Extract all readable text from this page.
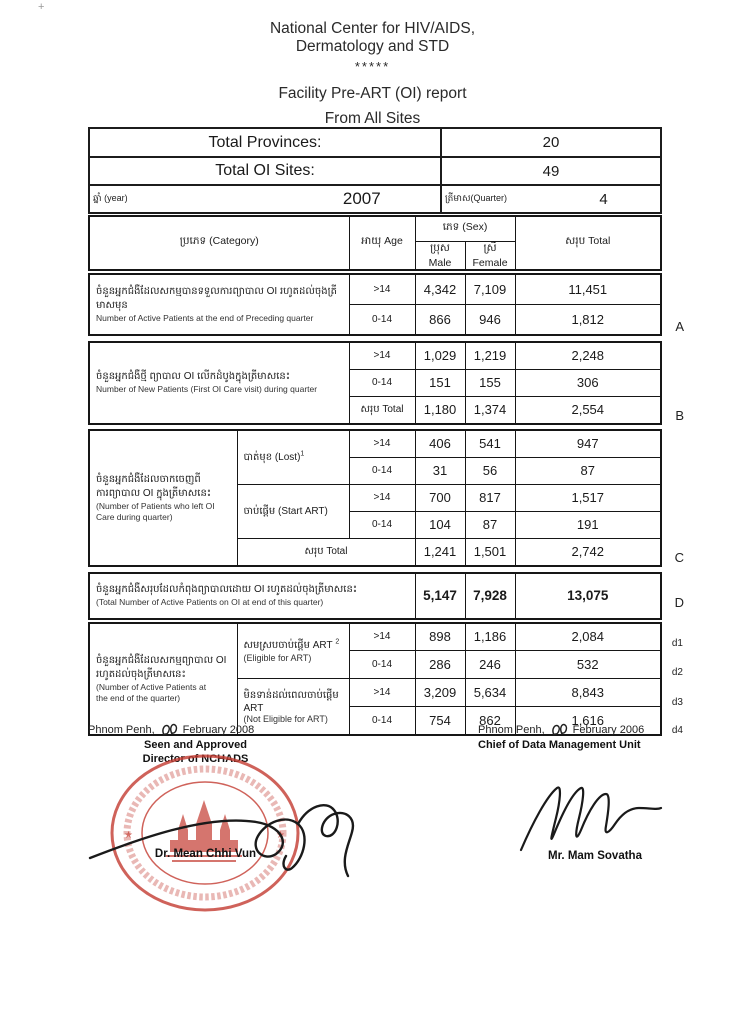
+
National Center for HIV/AIDS,
Dermatology and STD
*****
Facility Pre-ART (OI) report
From All Sites
Total Provinces:	20
Total OI Sites:	49

ឆ្នាំ (year) 2007	ត្រីមាស(Quarter) 4
ប្រភេទ (Category)	អាយុ Age	ភេទ (Sex)		សរុប Total
		ប្រុស Male	ស្រី Female	
ចំនួនអ្នកជំងឺដែលសកម្មបានទទួលការព្យាបាល OI រហូតដល់ចុងត្រីមាសមុន
Number of Active Patients at the end of Preceding quarter	>14	4,342	7,109	11,451
	0-14	866	946	1,812	A
ចំនួនអ្នកជំងឺថ្មី ព្យាបាល OI លើកដំបូងក្នុងត្រីមាសនេះ
Number of New Patients (First OI Care visit) during quarter	>14	1,029	1,219	2,248
	0-14	151	155	306
	សរុប Total	1,180	1,374	2,554	B
ចំនួនអ្នកជំងឺដែលចាកចេញពី
ការព្យាបាល OI ក្នុងត្រីមាសនេះ
(Number of Patients who left OI
Care during quarter)	បាត់មុខ (Lost)$^1$	>14	406	541	947
		0-14	31	56	87
	ចាប់ផ្តើម (Start ART)	>14	700	817	1,517
		0-14	104	87	191
	សរុប Total		1,241	1,501	2,742	C
ចំនួនអ្នកជំងឺសរុបដែលកំពុងព្យាបាលដោយ OI រហូតដល់ចុងត្រីមាសនេះ
(Total Number of Active Patients on OI at end of this quarter)	5,147	7,928	13,075	D
ចំនួនអ្នកជំងឺដែលសកម្មព្យាបាល OI
រហូតដល់ចុងត្រីមាសនេះ
(Number of Active Patients at
the end of the quarter)

សមស្របចាប់ផ្តើម ART $^2$
(Eligible for ART)
	>14	898	1,186	2,084
		0-14	286	246	532

	មិនទាន់ដល់ពេលចាប់ផ្តើម ART
(Not Eligible for ART)	>14	3,209	5,634	8,843
		0-14	754	862	1,616
d1
d2
d3
d4
Phnom Penh,	February 2008
Seen and Approved
Director of NCHADS
★	★
Dr. Mean Chhi Vun
Phnom Penh,	February 2006
Chief of Data Management Unit
Mr. Mam Sovatha
